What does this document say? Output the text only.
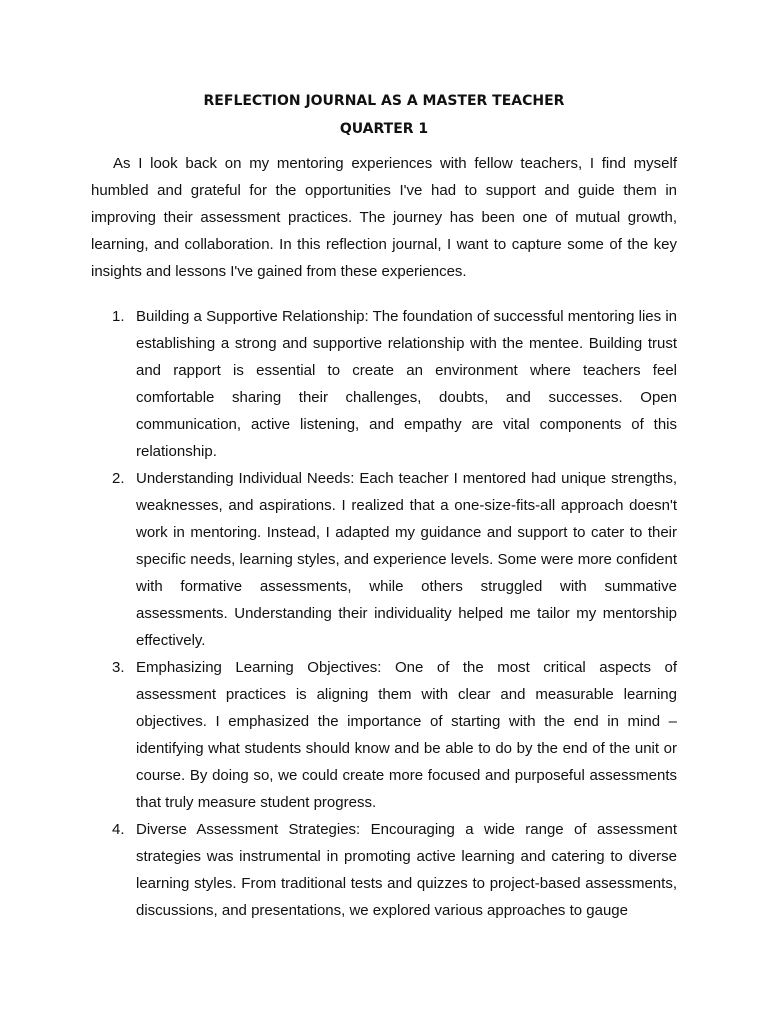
REFLECTION JOURNAL AS A MASTER TEACHER
QUARTER 1

As I look back on my mentoring experiences with fellow teachers, I find myself humbled and grateful for the opportunities I've had to support and guide them in improving their assessment practices. The journey has been one of mutual growth, learning, and collaboration. In this reflection journal, I want to capture some of the key insights and lessons I've gained from these experiences.

1. Building a Supportive Relationship: The foundation of successful mentoring lies in establishing a strong and supportive relationship with the mentee. Building trust and rapport is essential to create an environment where teachers feel comfortable sharing their challenges, doubts, and successes. Open communication, active listening, and empathy are vital components of this relationship.
2. Understanding Individual Needs: Each teacher I mentored had unique strengths, weaknesses, and aspirations. I realized that a one-size-fits-all approach doesn't work in mentoring. Instead, I adapted my guidance and support to cater to their specific needs, learning styles, and experience levels. Some were more confident with formative assessments, while others struggled with summative assessments. Understanding their individuality helped me tailor my mentorship effectively.
3. Emphasizing Learning Objectives: One of the most critical aspects of assessment practices is aligning them with clear and measurable learning objectives. I emphasized the importance of starting with the end in mind – identifying what students should know and be able to do by the end of the unit or course. By doing so, we could create more focused and purposeful assessments that truly measure student progress.
4. Diverse Assessment Strategies: Encouraging a wide range of assessment strategies was instrumental in promoting active learning and catering to diverse learning styles. From traditional tests and quizzes to project-based assessments, discussions, and presentations, we explored various approaches to gauge
